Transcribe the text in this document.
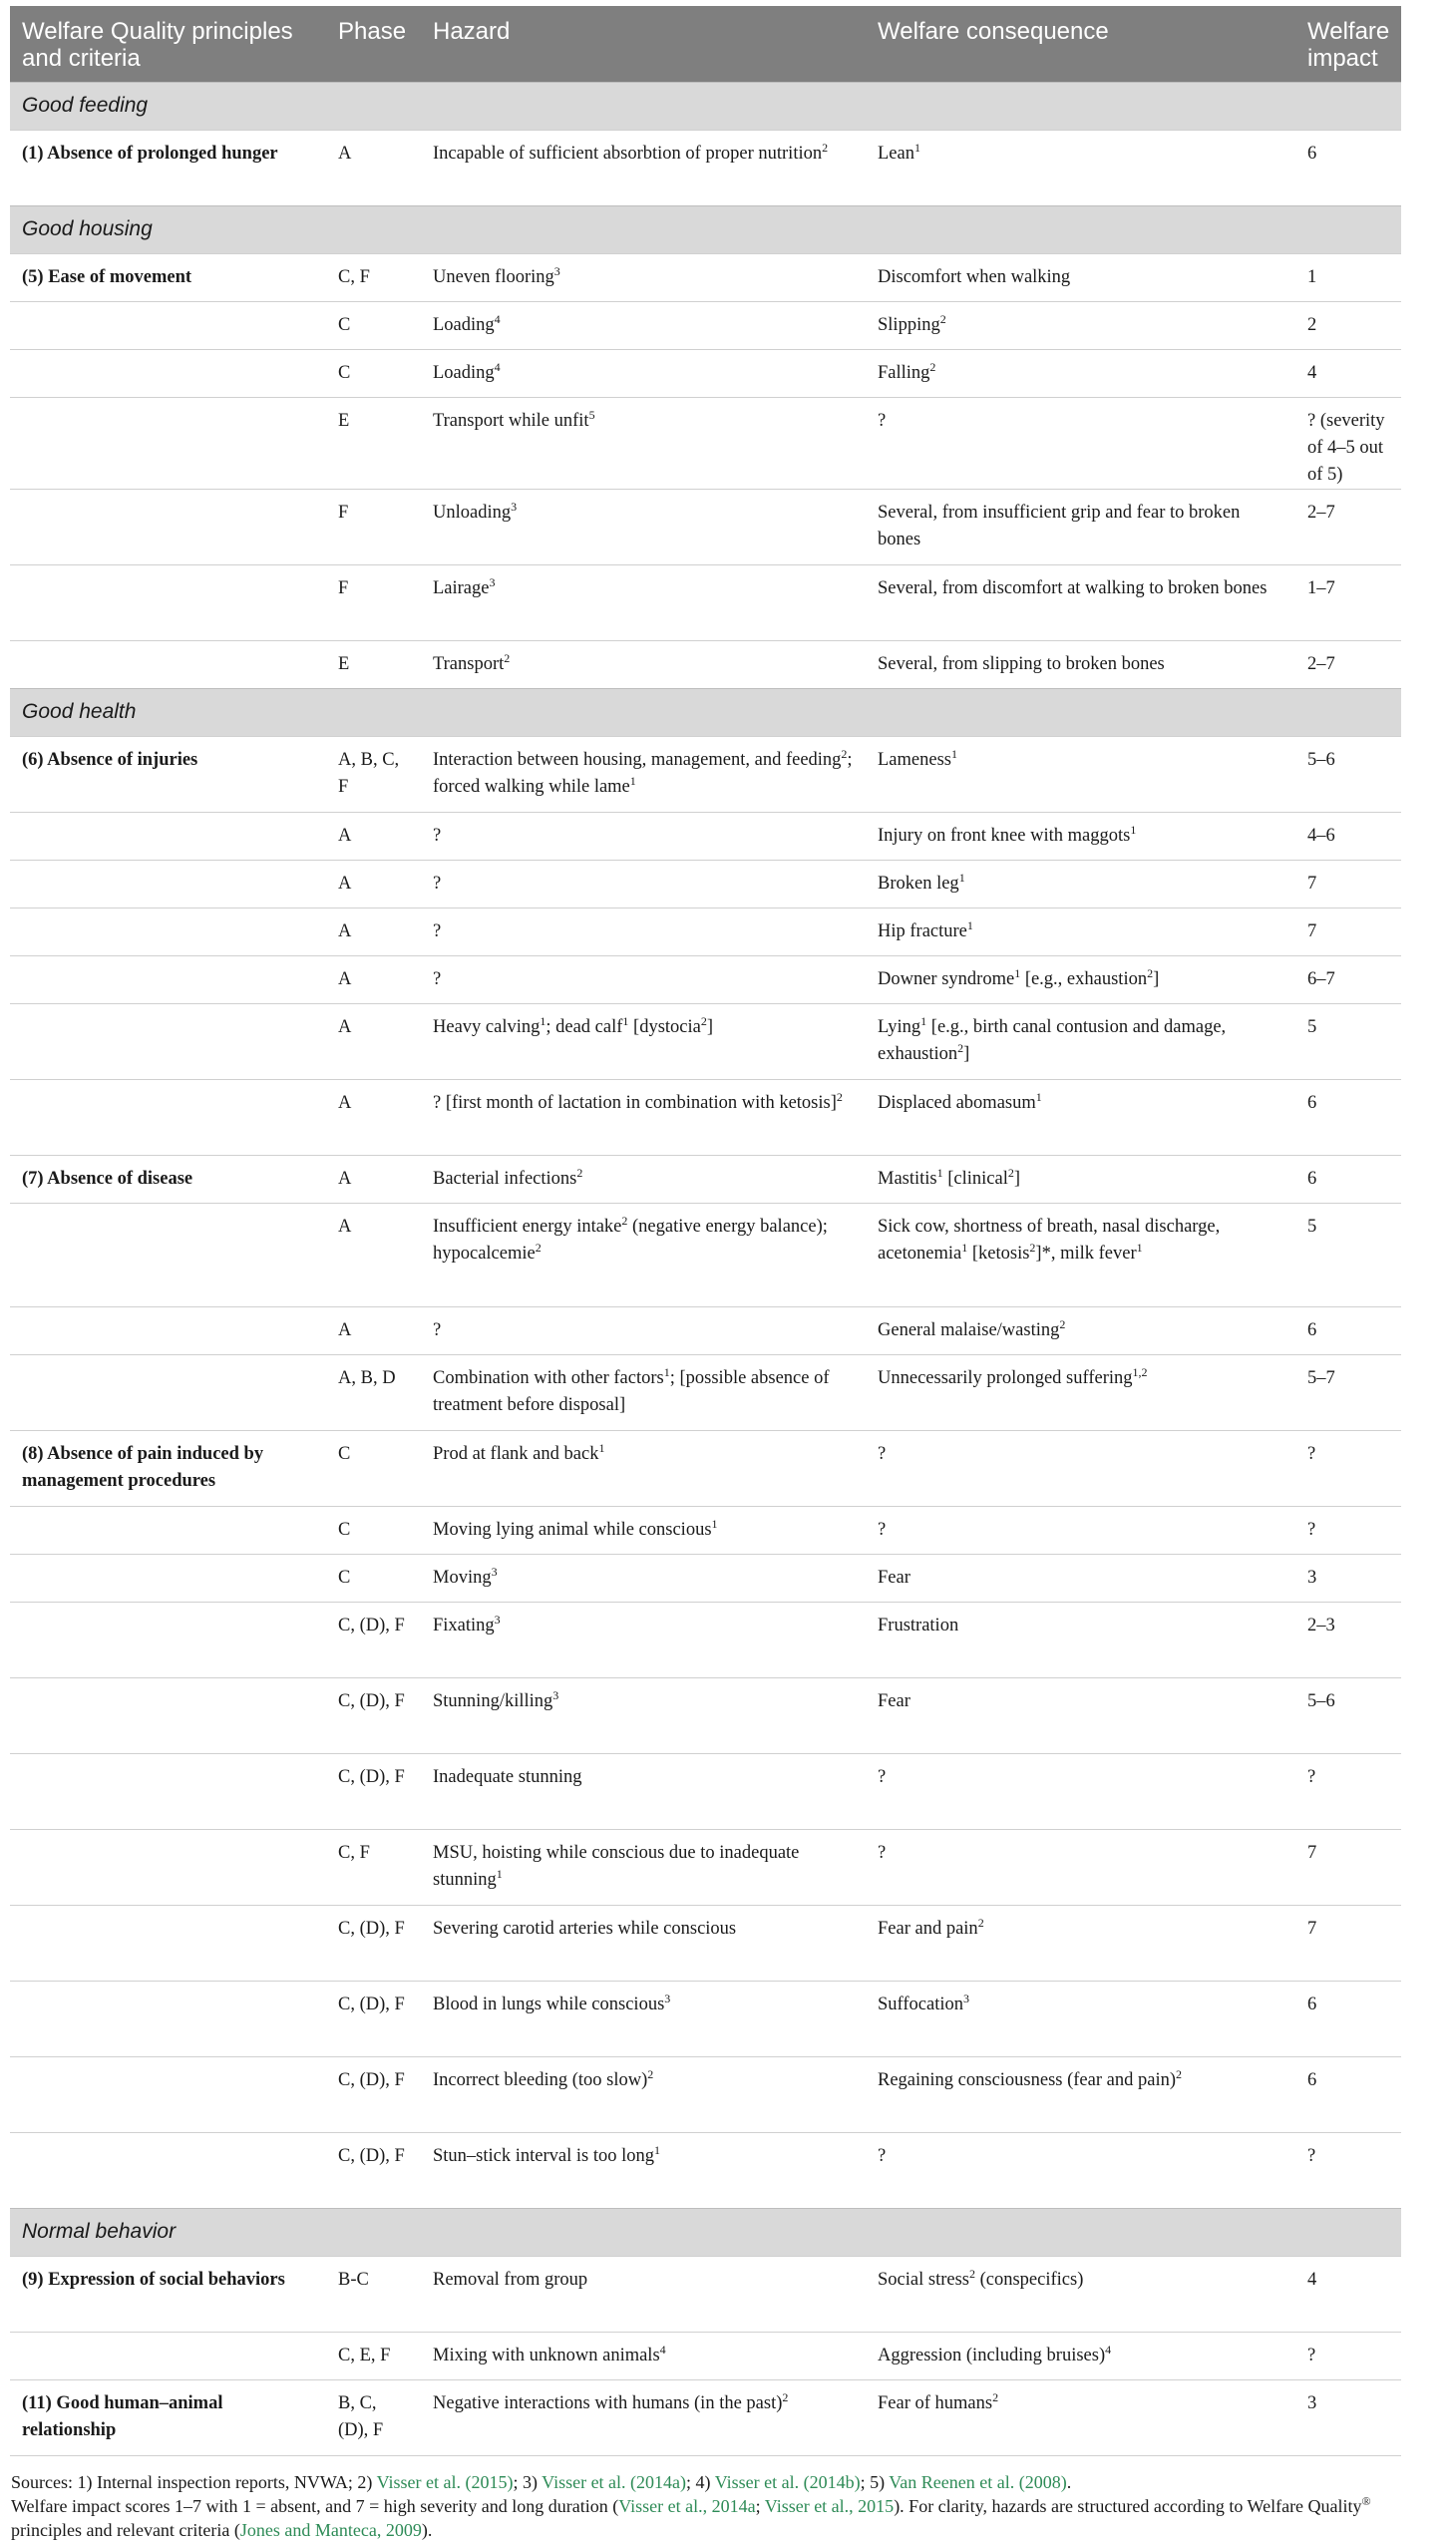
Welfare Quality principles and criteria	Phase	Hazard	Welfare consequence	Welfare impact
Good feeding				
(1) Absence of prolonged hunger	A	Incapable of sufficient absorbtion of proper nutrition$^2$	Lean$^1$	6
Good housing				
(5) Ease of movement	C, F	Uneven flooring$^3$	Discomfort when walking	1
	C	Loading$^4$	Slipping$^2$	2
	C	Loading$^4$	Falling$^2$	4
	E	Transport while unfit$^5$	?	? (severity of 4–5 out of 5)
	F	Unloading$^3$	Several, from insufficient grip and fear to broken bones	2–7
	F	Lairage$^3$	Several, from discomfort at walking to broken bones	1–7
	E	Transport$^2$	Several, from slipping to broken bones	2–7
Good health				
(6) Absence of injuries	A, B, C, F	Interaction between housing, management, and feeding$^2$; forced walking while lame$^1$	Lameness$^1$	5–6
	A	?	Injury on front knee with maggots$^1$	4–6
	A	?	Broken leg$^1$	7
	A	?	Hip fracture$^1$	7
	A	?	Downer syndrome$^1$ [e.g., exhaustion$^2$]	6–7
	A	Heavy calving$^1$; dead calf$^1$ [dystocia$^2$]	Lying$^1$ [e.g., birth canal contusion and damage, exhaustion$^2$]	5
	A	? [first month of lactation in combination with ketosis]$^2$	Displaced abomasum$^1$	6
(7) Absence of disease	A	Bacterial infections$^2$	Mastitis$^1$ [clinical$^2$]	6
	A	Insufficient energy intake$^2$ (negative energy balance); hypocalcemie$^2$	Sick cow, shortness of breath, nasal discharge, acetonemia$^1$ [ketosis$^2$]*, milk fever$^1$	5
	A	?	General malaise/wasting$^2$	6
	A, B, D	Combination with other factors$^1$; [possible absence of treatment before disposal]	Unnecessarily prolonged suffering$^{1,2}$	5–7
(8) Absence of pain induced by management procedures	C	Prod at flank and back$^1$	?	?
	C	Moving lying animal while conscious$^1$	?	?
	C	Moving$^3$	Fear	3
	C, (D), F	Fixating$^3$	Frustration	2–3
	C, (D), F	Stunning/killing$^3$	Fear	5–6
	C, (D), F	Inadequate stunning	?	?
	C, F	MSU, hoisting while conscious due to inadequate stunning$^1$	?	7
	C, (D), F	Severing carotid arteries while conscious	Fear and pain$^2$	7
	C, (D), F	Blood in lungs while conscious$^3$	Suffocation$^3$	6
	C, (D), F	Incorrect bleeding (too slow)$^2$	Regaining consciousness (fear and pain)$^2$	6
	C, (D), F	Stun–stick interval is too long$^1$	?	?
Normal behavior				
(9) Expression of social behaviors	B-C	Removal from group	Social stress$^2$ (conspecifics)	4
	C, E, F	Mixing with unknown animals$^4$	Aggression (including bruises)$^4$	?
(11) Good human–animal relationship	B, C, (D), F	Negative interactions with humans (in the past)$^2$	Fear of humans$^2$	3
Sources: 1) Internal inspection reports, NVWA; 2) Visser et al. (2015); 3) Visser et al. (2014a); 4) Visser et al. (2014b); 5) Van Reenen et al. (2008).
Welfare impact scores 1–7 with 1 = absent, and 7 = high severity and long duration (Visser et al., 2014a; Visser et al., 2015). For clarity, hazards are structured according to Welfare Quality® principles and relevant criteria (Jones and Manteca, 2009).
